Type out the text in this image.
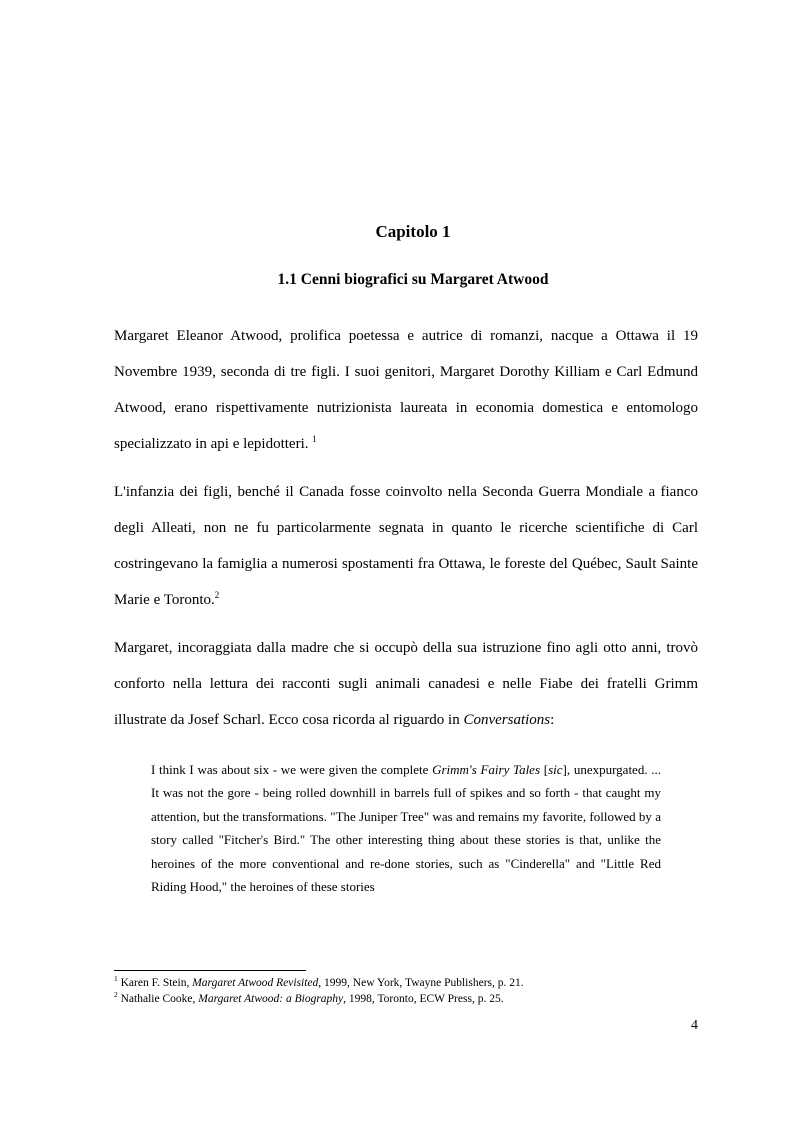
Capitolo 1
1.1 Cenni biografici su Margaret Atwood

Margaret Eleanor Atwood, prolifica poetessa e autrice di romanzi, nacque a Ottawa il 19 Novembre 1939, seconda di tre figli. I suoi genitori, Margaret Dorothy Killiam e Carl Edmund Atwood, erano rispettivamente nutrizionista laureata in economia domestica e entomologo specializzato in api e lepidotteri. $^1$

L'infanzia dei figli, benché il Canada fosse coinvolto nella Seconda Guerra Mondiale a fianco degli Alleati, non ne fu particolarmente segnata in quanto le ricerche scientifiche di Carl costringevano la famiglia a numerosi spostamenti fra Ottawa, le foreste del Québec, Sault Sainte Marie e Toronto.$^2$

Margaret, incoraggiata dalla madre che si occupò della sua istruzione fino agli otto anni, trovò conforto nella lettura dei racconti sugli animali canadesi e nelle Fiabe dei fratelli Grimm illustrate da Josef Scharl. Ecco cosa ricorda al riguardo in Conversations:

I think I was about six - we were given the complete Grimm's Fairy Tales [sic], unexpurgated. ... It was not the gore - being rolled downhill in barrels full of spikes and so forth - that caught my attention, but the transformations. "The Juniper Tree" was and remains my favorite, followed by a story called "Fitcher's Bird." The other interesting thing about these stories is that, unlike the heroines of the more conventional and re-done stories, such as "Cinderella" and "Little Red Riding Hood," the heroines of these stories

$^1$ Karen F. Stein, Margaret Atwood Revisited, 1999, New York, Twayne Publishers, p. 21.
$^2$ Nathalie Cooke, Margaret Atwood: a Biography, 1998, Toronto, ECW Press, p. 25.
4
